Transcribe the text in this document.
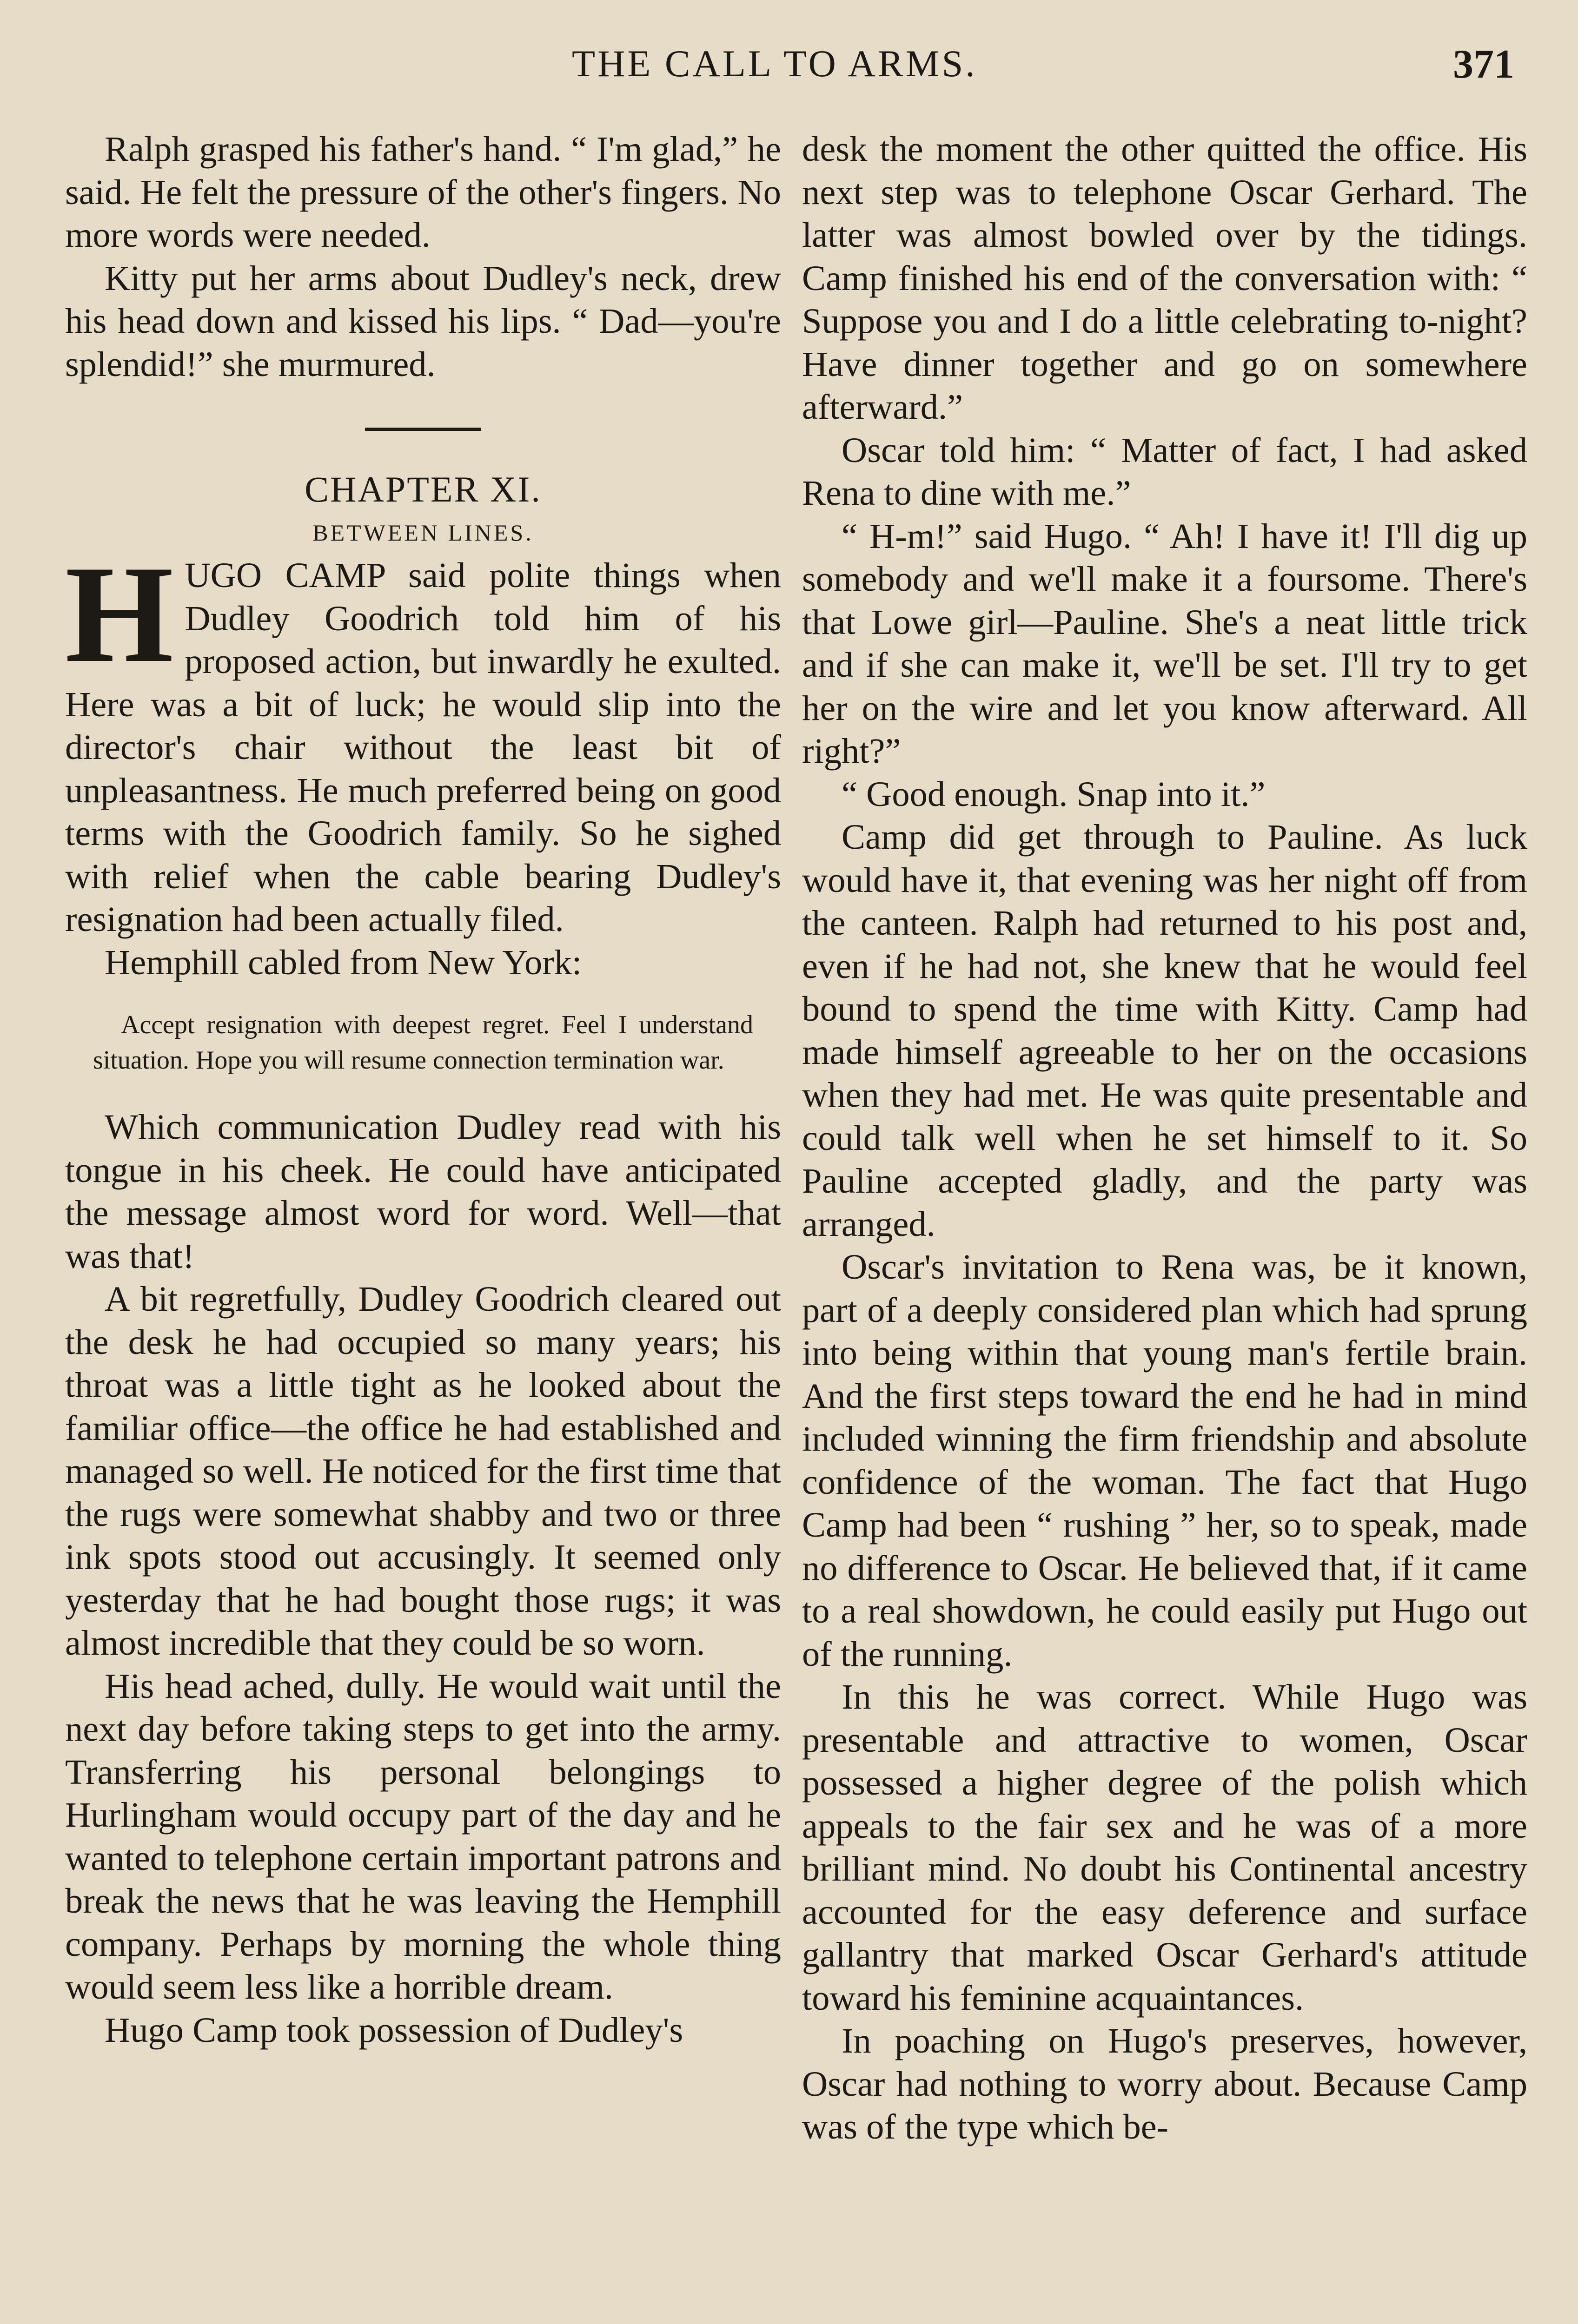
THE CALL TO ARMS.	371

Ralph grasped his father's hand. “ I'm glad,” he said. He felt the pressure of the other's fingers. No more words were needed.

Kitty put her arms about Dudley's neck, drew his head down and kissed his lips. “ Dad—you're splendid!” she murmured.

CHAPTER XI.

BETWEEN LINES.

HUGO CAMP said polite things when Dudley Goodrich told him of his proposed action, but inwardly he exulted. Here was a bit of luck; he would slip into the director's chair without the least bit of unpleasantness. He much preferred being on good terms with the Goodrich family. So he sighed with relief when the cable bearing Dudley's resignation had been actually filed.

Hemphill cabled from New York:

Accept resignation with deepest regret. Feel I understand situation. Hope you will resume connection termination war.

Which communication Dudley read with his tongue in his cheek. He could have anticipated the message almost word for word. Well—that was that!

A bit regretfully, Dudley Goodrich cleared out the desk he had occupied so many years; his throat was a little tight as he looked about the familiar office—the office he had established and managed so well. He noticed for the first time that the rugs were somewhat shabby and two or three ink spots stood out accusingly. It seemed only yesterday that he had bought those rugs; it was almost incredible that they could be so worn.

His head ached, dully. He would wait until the next day before taking steps to get into the army. Transferring his personal belongings to Hurlingham would occupy part of the day and he wanted to telephone certain important patrons and break the news that he was leaving the Hemphill company. Perhaps by morning the whole thing would seem less like a horrible dream.

Hugo Camp took possession of Dudley's

desk the moment the other quitted the office. His next step was to telephone Oscar Gerhard. The latter was almost bowled over by the tidings. Camp finished his end of the conversation with: “ Suppose you and I do a little celebrating to-night? Have dinner together and go on somewhere afterward.”

Oscar told him: “ Matter of fact, I had asked Rena to dine with me.”

“ H-m!” said Hugo. “ Ah! I have it! I'll dig up somebody and we'll make it a foursome. There's that Lowe girl—Pauline. She's a neat little trick and if she can make it, we'll be set. I'll try to get her on the wire and let you know afterward. All right?”

“ Good enough. Snap into it.”

Camp did get through to Pauline. As luck would have it, that evening was her night off from the canteen. Ralph had returned to his post and, even if he had not, she knew that he would feel bound to spend the time with Kitty. Camp had made himself agreeable to her on the occasions when they had met. He was quite presentable and could talk well when he set himself to it. So Pauline accepted gladly, and the party was arranged.

Oscar's invitation to Rena was, be it known, part of a deeply considered plan which had sprung into being within that young man's fertile brain. And the first steps toward the end he had in mind included winning the firm friendship and absolute confidence of the woman. The fact that Hugo Camp had been “ rushing ” her, so to speak, made no difference to Oscar. He believed that, if it came to a real showdown, he could easily put Hugo out of the running.

In this he was correct. While Hugo was presentable and attractive to women, Oscar possessed a higher degree of the polish which appeals to the fair sex and he was of a more brilliant mind. No doubt his Continental ancestry accounted for the easy deference and surface gallantry that marked Oscar Gerhard's attitude toward his feminine acquaintances.

In poaching on Hugo's preserves, however, Oscar had nothing to worry about. Because Camp was of the type which be-
